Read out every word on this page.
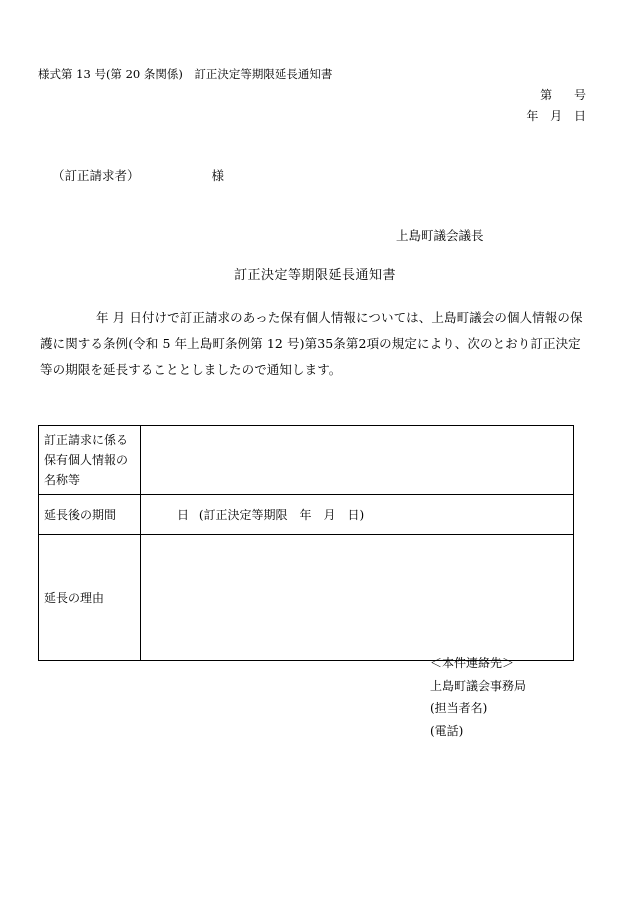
様式第 13 号(第 20 条関係)　訂正決定等期限延長通知書
第 号
年 月 日
（訂正請求者）	様
上島町議会議長
訂正決定等期限延長通知書
年 月 日付けで訂正請求のあった保有個人情報については、上島町議会の個人情報の保護に関する条例(令和 5 年上島町条例第 12 号)第35条第2項の規定により、次のとおり訂正決定等の期限を延長することとしましたので通知します。
訂正請求に係る保有個人情報の名称等	
延長後の期間	日 (訂正決定等期限　年　月　日)
延長の理由	
＜本件連絡先＞
上島町議会事務局
(担当者名)
(電話)
